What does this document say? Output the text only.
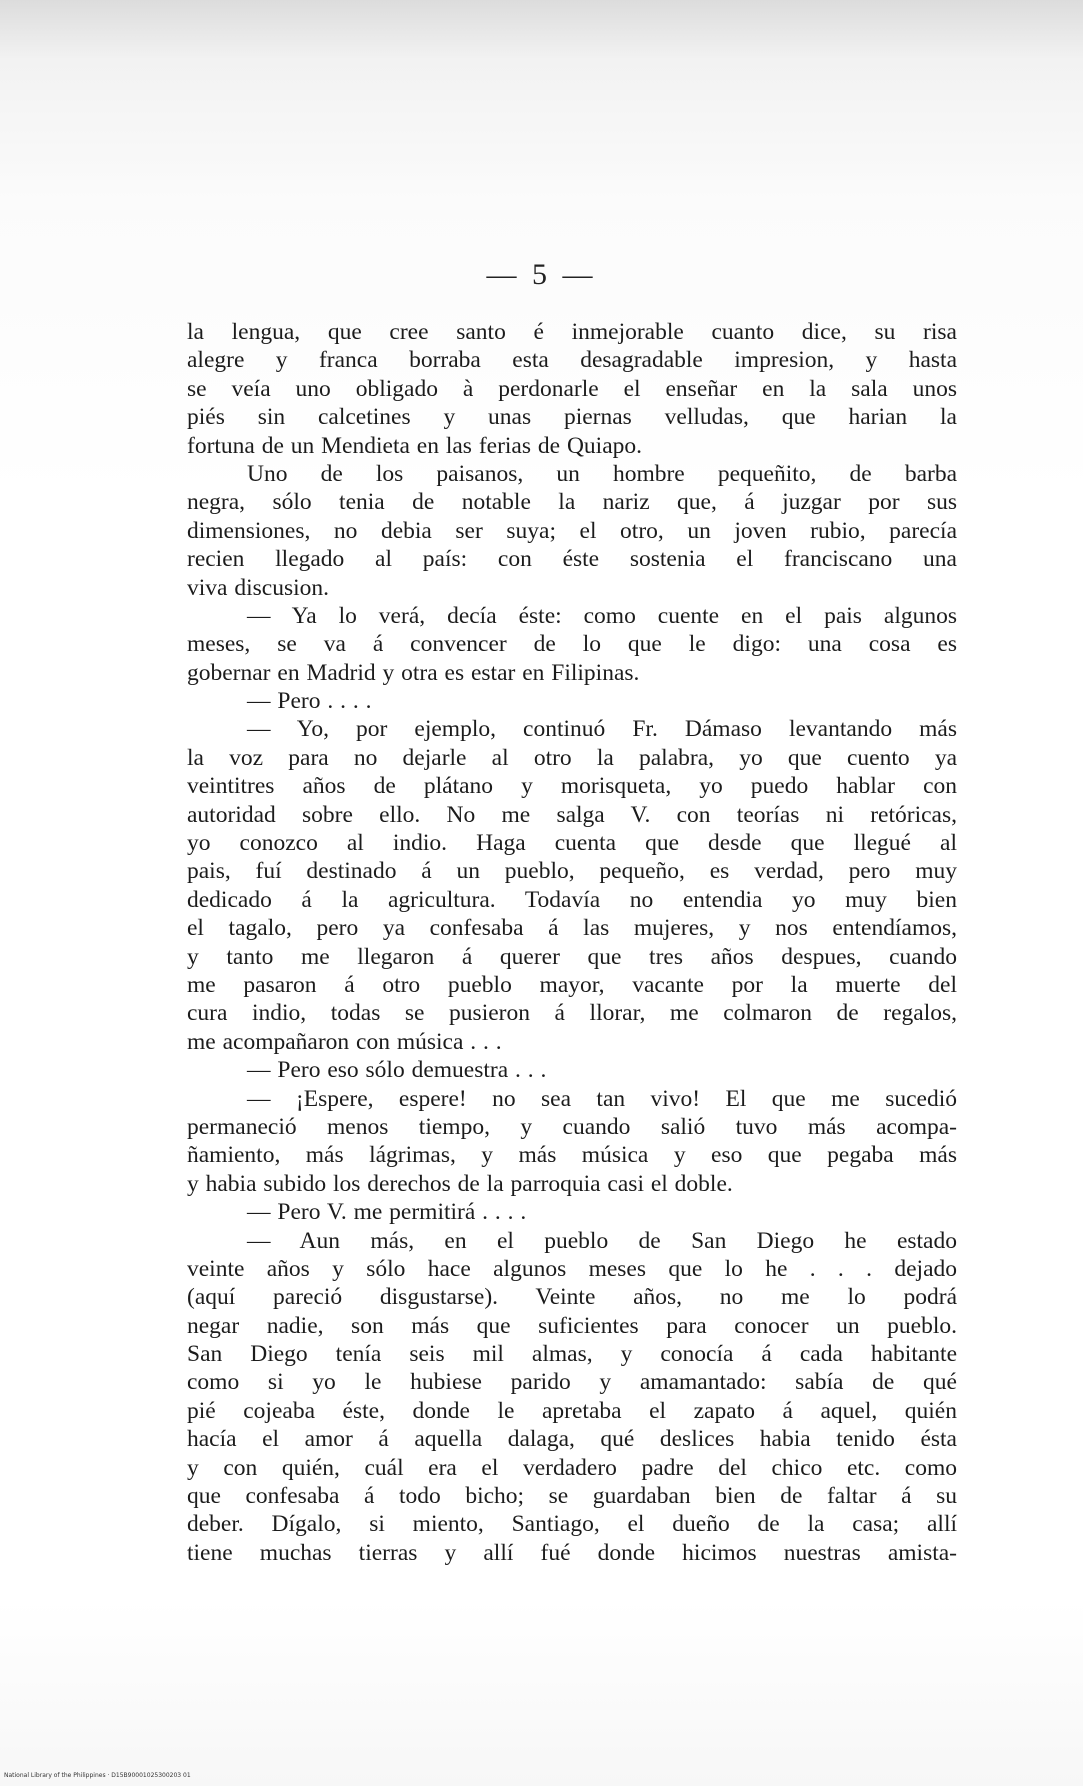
— 5 —
la lengua, que cree santo é inmejorable cuanto dice, su risa
alegre y franca borraba esta desagradable impresion, y hasta
se veía uno obligado à perdonarle el enseñar en la sala unos
piés sin calcetines y unas piernas velludas, que harian la
fortuna de un Mendieta en las ferias de Quiapo.
Uno de los paisanos, un hombre pequeñito, de barba
negra, sólo tenia de notable la nariz que, á juzgar por sus
dimensiones, no debia ser suya; el otro, un joven rubio, parecía
recien llegado al país: con éste sostenia el franciscano una
viva discusion.
— Ya lo verá, decía éste: como cuente en el pais algunos
meses, se va á convencer de lo que le digo: una cosa es
gobernar en Madrid y otra es estar en Filipinas.
— Pero . . . .
— Yo, por ejemplo, continuó Fr. Dámaso levantando más
la voz para no dejarle al otro la palabra, yo que cuento ya
veintitres años de plátano y morisqueta, yo puedo hablar con
autoridad sobre ello. No me salga V. con teorías ni retóricas,
yo conozco al indio. Haga cuenta que desde que llegué al
pais, fuí destinado á un pueblo, pequeño, es verdad, pero muy
dedicado á la agricultura. Todavía no entendia yo muy bien
el tagalo, pero ya confesaba á las mujeres, y nos entendíamos,
y tanto me llegaron á querer que tres años despues, cuando
me pasaron á otro pueblo mayor, vacante por la muerte del
cura indio, todas se pusieron á llorar, me colmaron de regalos,
me acompañaron con música . . .
— Pero eso sólo demuestra . . .
— ¡Espere, espere! no sea tan vivo! El que me sucedió
permaneció menos tiempo, y cuando salió tuvo más acompa-
ñamiento, más lágrimas, y más música y eso que pegaba más
y habia subido los derechos de la parroquia casi el doble.
— Pero V. me permitirá . . . .
— Aun más, en el pueblo de San Diego he estado
veinte años y sólo hace algunos meses que lo he . . . dejado
(aquí pareció disgustarse). Veinte años, no me lo podrá
negar nadie, son más que suficientes para conocer un pueblo.
San Diego tenía seis mil almas, y conocía á cada habitante
como si yo le hubiese parido y amamantado: sabía de qué
pié cojeaba éste, donde le apretaba el zapato á aquel, quién
hacía el amor á aquella dalaga, qué deslices habia tenido ésta
y con quién, cuál era el verdadero padre del chico etc. como
que confesaba á todo bicho; se guardaban bien de faltar á su
deber. Dígalo, si miento, Santiago, el dueño de la casa; allí
tiene muchas tierras y allí fué donde hicimos nuestras amista-
National Library of the Philippines · D15B90001025300203 01
